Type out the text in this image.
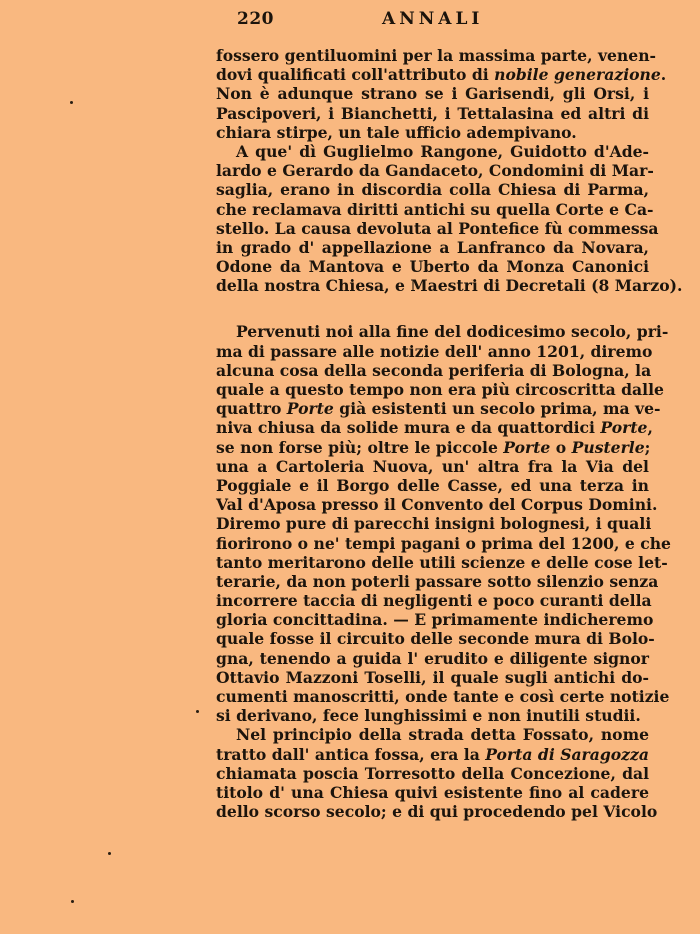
220	ANNALI
fossero gentiluomini per la massima parte, venen-
dovi qualificati coll'attributo di nobile generazione.
Non è adunque strano se i Garisendi, gli Orsi, i
Pascipoveri, i Bianchetti, i Tettalasina ed altri di
chiara stirpe, un tale ufficio adempivano.
A que' dì Guglielmo Rangone, Guidotto d'Ade-
lardo e Gerardo da Gandaceto, Condomini di Mar-
saglia, erano in discordia colla Chiesa di Parma,
che reclamava diritti antichi su quella Corte e Ca-
stello. La causa devoluta al Pontefice fù commessa
in grado d' appellazione a Lanfranco da Novara,
Odone da Mantova e Uberto da Monza Canonici
della nostra Chiesa, e Maestri di Decretali (8 Marzo).
Pervenuti noi alla fine del dodicesimo secolo, pri-
ma di passare alle notizie dell' anno 1201, diremo
alcuna cosa della seconda periferia di Bologna, la
quale a questo tempo non era più circoscritta dalle
quattro Porte già esistenti un secolo prima, ma ve-
niva chiusa da solide mura e da quattordici Porte,
se non forse più; oltre le piccole Porte o Pusterle;
una a Cartoleria Nuova, un' altra fra la Via del
Poggiale e il Borgo delle Casse, ed una terza in
Val d'Aposa presso il Convento del Corpus Domini.
Diremo pure di parecchi insigni bolognesi, i quali
fiorirono o ne' tempi pagani o prima del 1200, e che
tanto meritarono delle utili scienze e delle cose let-
terarie, da non poterli passare sotto silenzio senza
incorrere taccia di negligenti e poco curanti della
gloria concittadina. — E primamente indicheremo
quale fosse il circuito delle seconde mura di Bolo-
gna, tenendo a guida l' erudito e diligente signor
Ottavio Mazzoni Toselli, il quale sugli antichi do-
cumenti manoscritti, onde tante e così certe notizie
si derivano, fece lunghissimi e non inutili studii.
Nel principio della strada detta Fossato, nome
tratto dall' antica fossa, era la Porta di Saragozza
chiamata poscia Torresotto della Concezione, dal
titolo d' una Chiesa quivi esistente fino al cadere
dello scorso secolo; e di qui procedendo pel Vicolo
